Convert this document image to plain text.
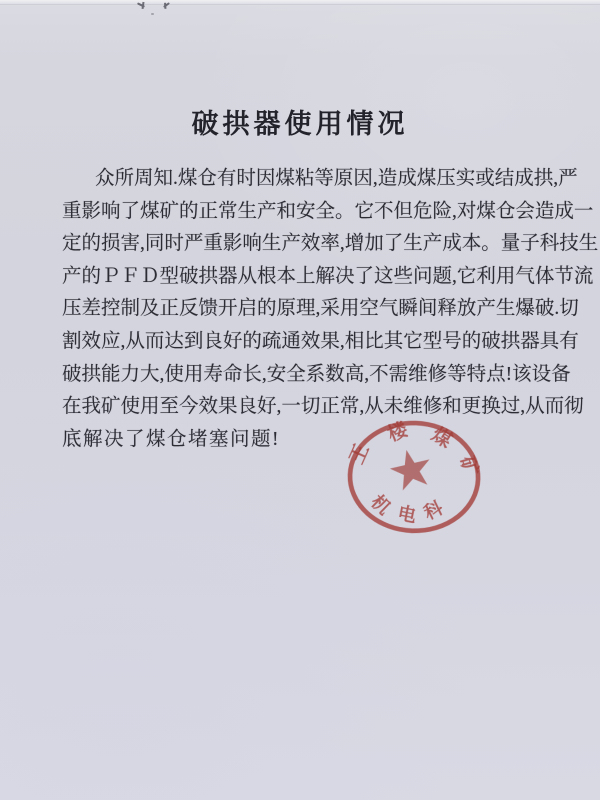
破拱器使用情况
众所周知.煤仓有时因煤粘等原因,造成煤压实或结成拱,严
重影响了煤矿的正常生产和安全。它不但危险,对煤仓会造成一
定的损害,同时严重影响生产效率,增加了生产成本。量子科技生
产的ＰＦＤ型破拱器从根本上解决了这些问题,它利用气体节流
压差控制及正反馈开启的原理,采用空气瞬间释放产生爆破.切
割效应,从而达到良好的疏通效果,相比其它型号的破拱器具有
破拱能力大,使用寿命长,安全系数高,不需维修等特点!该设备
在我矿使用至今效果良好,一切正常,从未维修和更换过,从而彻
底解决了煤仓堵塞问题!
王
楼 煤
矿
机 电 科
